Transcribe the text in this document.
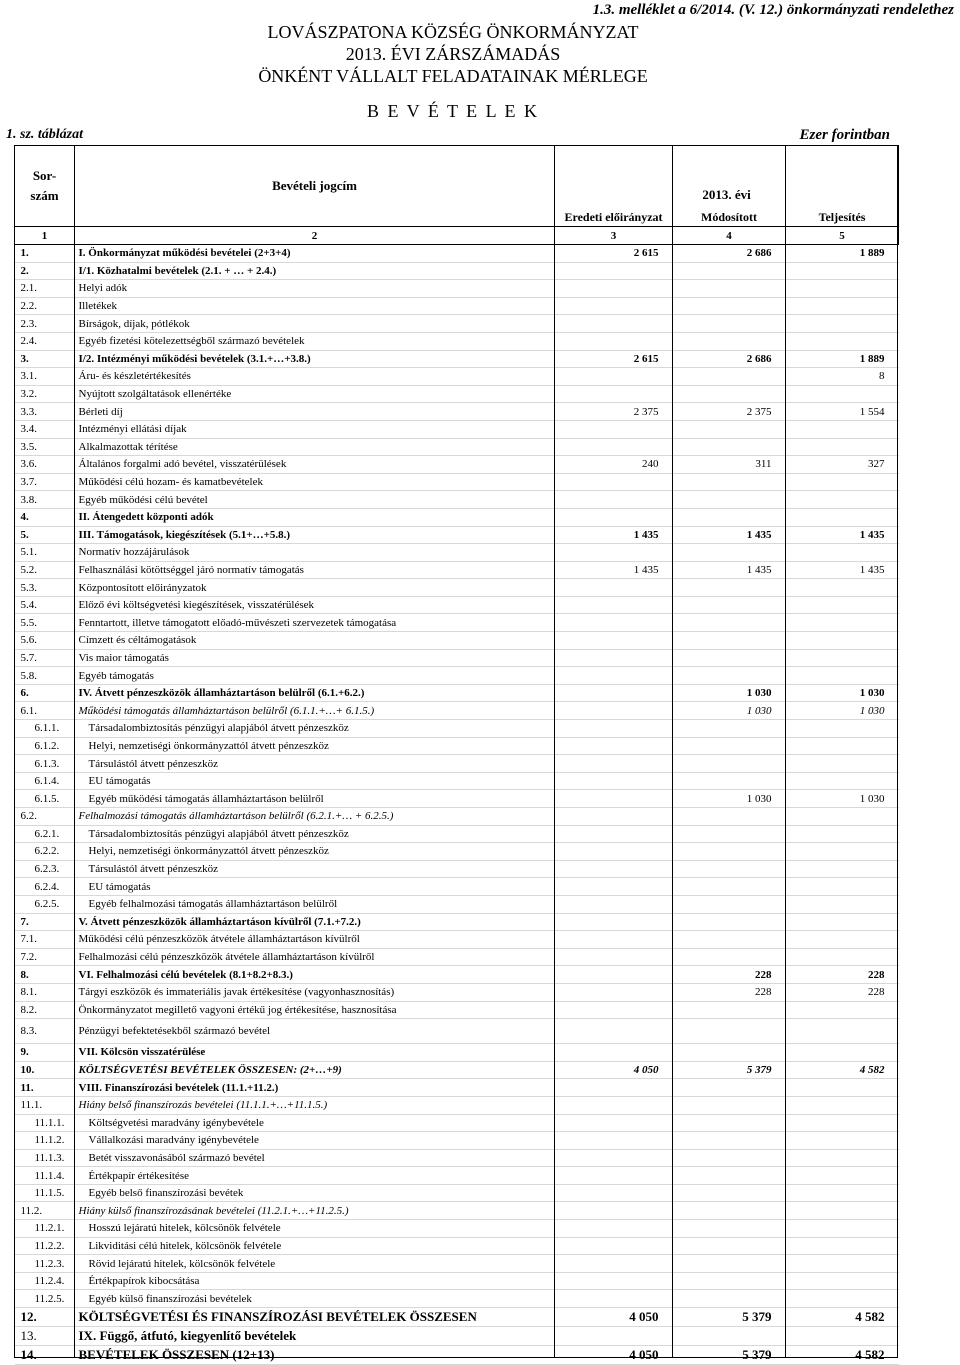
1.3. melléklet a 6/2014. (V. 12.) önkormányzati rendelethez
LOVÁSZPATONA KÖZSÉG ÖNKORMÁNYZAT
2013. ÉVI ZÁRSZÁMADÁS
ÖNKÉNT VÁLLALT FELADATAINAK MÉRLEGE
B E V É T E L E K
1. sz. táblázat	Ezer forintban
Sor-szám	Bevételi jogcím	2013. évi		
		Eredeti előirányzat	Módosított	Teljesítés
1	2	3	4	5
1.	I. Önkormányzat működési bevételei (2+3+4)	2 615	2 686	1 889
2.	I/1. Közhatalmi bevételek (2.1. + … + 2.4.)			
2.1.	Helyi adók			
2.2.	Illetékek			
2.3.	Bírságok, díjak, pótlékok			
2.4.	Egyéb fizetési kötelezettségből származó bevételek			
3.	I/2. Intézményi működési bevételek (3.1.+…+3.8.)	2 615	2 686	1 889
3.1.	Áru- és készletértékesítés			8
3.2.	Nyújtott szolgáltatások ellenértéke			
3.3.	Bérleti díj	2 375	2 375	1 554
3.4.	Intézményi ellátási díjak			
3.5.	Alkalmazottak térítése			
3.6.	Általános forgalmi adó bevétel, visszatérülések	240	311	327
3.7.	Működési célú hozam- és kamatbevételek			
3.8.	Egyéb működési célú bevétel			
4.	II. Átengedett központi adók			
5.	III. Támogatások, kiegészítések (5.1+…+5.8.)	1 435	1 435	1 435
5.1.	Normatív hozzájárulások			
5.2.	Felhasználási kötöttséggel járó normatív támogatás	1 435	1 435	1 435
5.3.	Központosított előirányzatok			
5.4.	Előző évi költségvetési kiegészítések, visszatérülések			
5.5.	Fenntartott, illetve támogatott előadó-művészeti szervezetek támogatása			
5.6.	Címzett és céltámogatások			
5.7.	Vis maior támogatás			
5.8.	Egyéb támogatás			
6.	IV. Átvett pénzeszközök államháztartáson belülről (6.1.+6.2.)		1 030	1 030
6.1.	Működési támogatás államháztartáson belülről (6.1.1.+…+ 6.1.5.)		1 030	1 030
6.1.1.	Társadalombiztosítás pénzügyi alapjából átvett pénzeszköz			
6.1.2.	Helyi, nemzetiségi önkormányzattól átvett pénzeszköz			
6.1.3.	Társulástól átvett pénzeszköz			
6.1.4.	EU támogatás			
6.1.5.	Egyéb működési támogatás államháztartáson belülről		1 030	1 030
6.2.	Felhalmozási támogatás államháztartáson belülről (6.2.1.+… + 6.2.5.)			
6.2.1.	Társadalombiztosítás pénzügyi alapjából átvett pénzeszköz			
6.2.2.	Helyi, nemzetiségi önkormányzattól átvett pénzeszköz			
6.2.3.	Társulástól átvett pénzeszköz			
6.2.4.	EU támogatás			
6.2.5.	Egyéb felhalmozási támogatás államháztartáson belülről			
7.	V. Átvett pénzeszközök államháztartáson kívülről (7.1.+7.2.)			
7.1.	Működési célú pénzeszközök átvétele államháztartáson kívülről			
7.2.	Felhalmozási célú pénzeszközök átvétele államháztartáson kívülről			
8.	VI. Felhalmozási célú bevételek (8.1+8.2+8.3.)		228	228
8.1.	Tárgyi eszközök és immateriális javak értékesítése (vagyonhasznosítás)		228	228
8.2.	Önkormányzatot megillető vagyoni értékű jog értékesítése, hasznosítása			
8.3.	Pénzügyi befektetésekből származó bevétel			
9.	VII. Kölcsön visszatérülése			
10.	KÖLTSÉGVETÉSI BEVÉTELEK ÖSSZESEN: (2+…+9)	4 050	5 379	4 582
11.	VIII. Finanszírozási bevételek (11.1.+11.2.)			
11.1.	Hiány belső finanszírozás bevételei (11.1.1.+…+11.1.5.)			
11.1.1.	Költségvetési maradvány igénybevétele			
11.1.2.	Vállalkozási maradvány igénybevétele			
11.1.3.	Betét visszavonásából származó bevétel			
11.1.4.	Értékpapír értékesítése			
11.1.5.	Egyéb belső finanszírozási bevétek			
11.2.	Hiány külső finanszírozásának bevételei (11.2.1.+…+11.2.5.)			
11.2.1.	Hosszú lejáratú hitelek, kölcsönök felvétele			
11.2.2.	Likviditási célú hitelek, kölcsönök felvétele			
11.2.3.	Rövid lejáratú hitelek, kölcsönök felvétele			
11.2.4.	Értékpapírok kibocsátása			
11.2.5.	Egyéb külső finanszírozási bevételek			
12.	KÖLTSÉGVETÉSI ÉS FINANSZÍROZÁSI BEVÉTELEK ÖSSZESEN	4 050	5 379	4 582
13.	IX. Függő, átfutó, kiegyenlítő bevételek			
14.	BEVÉTELEK ÖSSZESEN (12+13)	4 050	5 379	4 582
